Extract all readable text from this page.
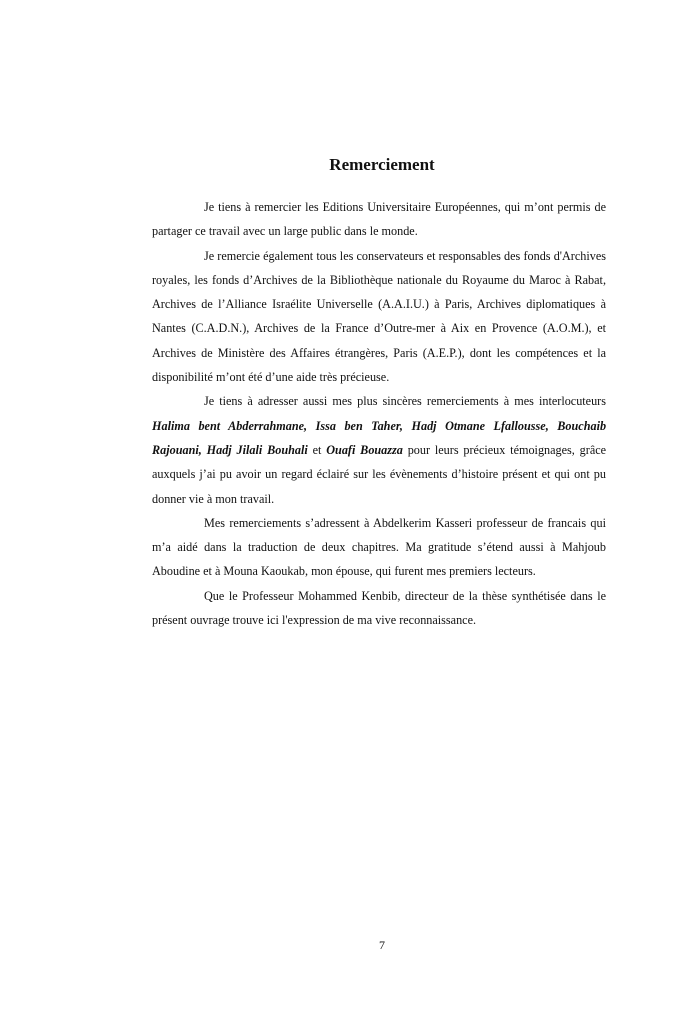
Remerciement

Je tiens à remercier les Editions Universitaire Européennes, qui m’ont permis de partager ce travail avec un large public dans le monde.

Je remercie également tous les conservateurs et responsables des fonds d'Archives royales, les fonds d’Archives de la Bibliothèque nationale du Royaume du Maroc à Rabat, Archives de l’Alliance Israélite Universelle (A.A.I.U.) à Paris, Archives diplomatiques à Nantes (C.A.D.N.), Archives de la France d’Outre-mer à Aix en Provence (A.O.M.), et Archives de Ministère des Affaires étrangères, Paris (A.E.P.), dont les compétences et la disponibilité m’ont été d’une aide très précieuse.

Je tiens à adresser aussi mes plus sincères remerciements à mes interlocuteurs Halima bent Abderrahmane, Issa ben Taher, Hadj Otmane Lfallousse, Bouchaib Rajouani, Hadj Jilali Bouhali et Ouafi Bouazza pour leurs précieux témoignages, grâce auxquels j’ai pu avoir un regard éclairé sur les évènements d’histoire présent et qui ont pu donner vie à mon travail.

Mes remerciements s’adressent à Abdelkerim Kasseri professeur de francais qui m’a aidé dans la traduction de deux chapitres. Ma gratitude s’étend aussi à Mahjoub Aboudine et à Mouna Kaoukab, mon épouse, qui furent mes premiers lecteurs.

Que le Professeur Mohammed Kenbib, directeur de la thèse synthétisée dans le présent ouvrage trouve ici l'expression de ma vive reconnaissance.

7
